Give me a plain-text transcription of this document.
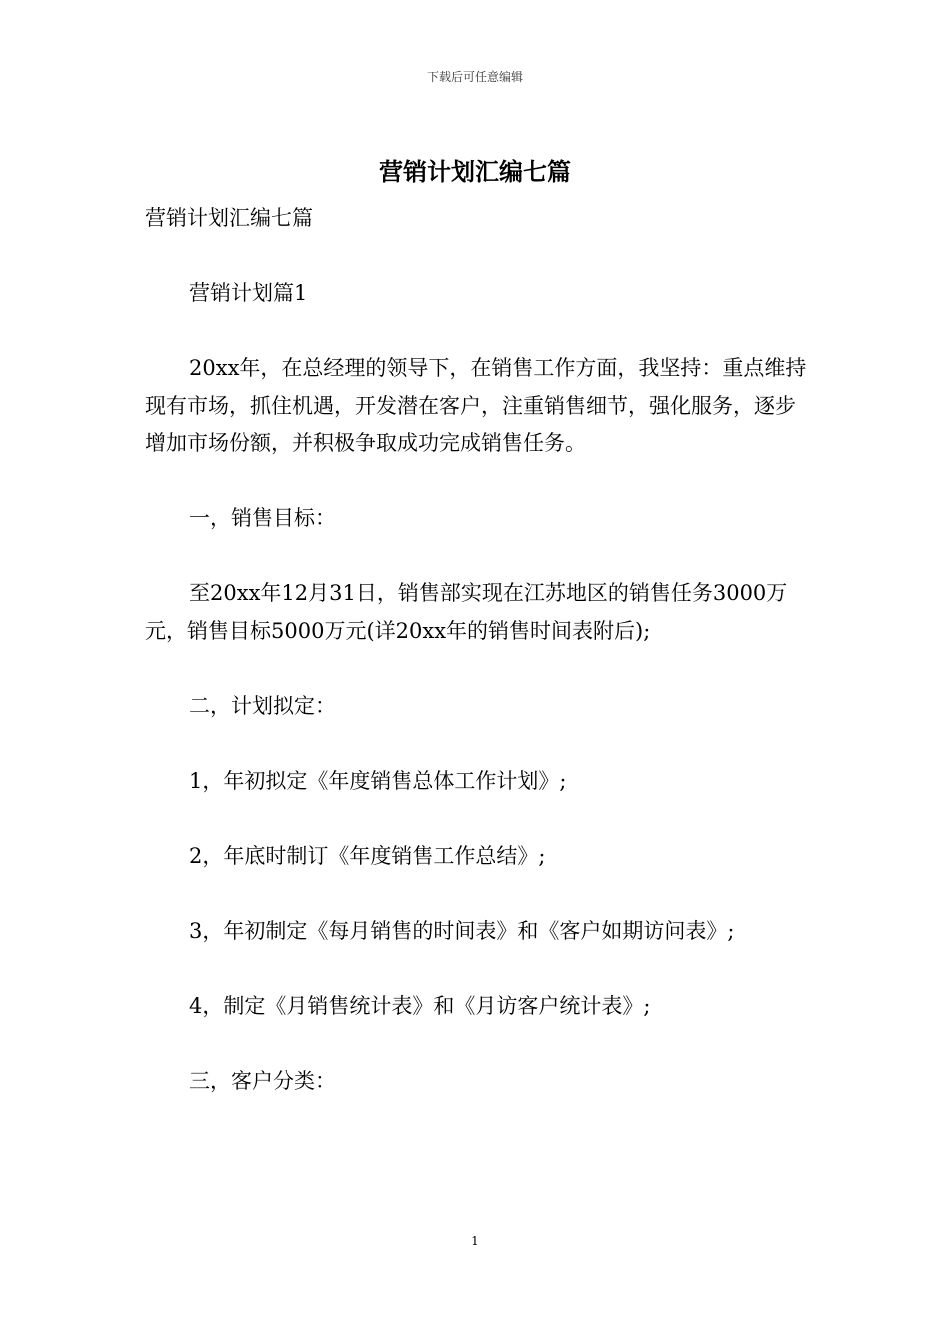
下载后可任意编辑
营销计划汇编七篇

营销计划汇编七篇

营销计划篇1

20xx年，在总经理的领导下，在销售工作方面，我坚持：重点维持现有市场，抓住机遇，开发潜在客户，注重销售细节，强化服务，逐步增加市场份额，并积极争取成功完成销售任务。

一，销售目标：

至20xx年12月31日，销售部实现在江苏地区的销售任务3000万元，销售目标5000万元(详20xx年的销售时间表附后);

二，计划拟定：

1，年初拟定《年度销售总体工作计划》;

2，年底时制订《年度销售工作总结》;

3，年初制定《每月销售的时间表》和《客户如期访问表》;

4，制定《月销售统计表》和《月访客户统计表》;

三，客户分类：

1
